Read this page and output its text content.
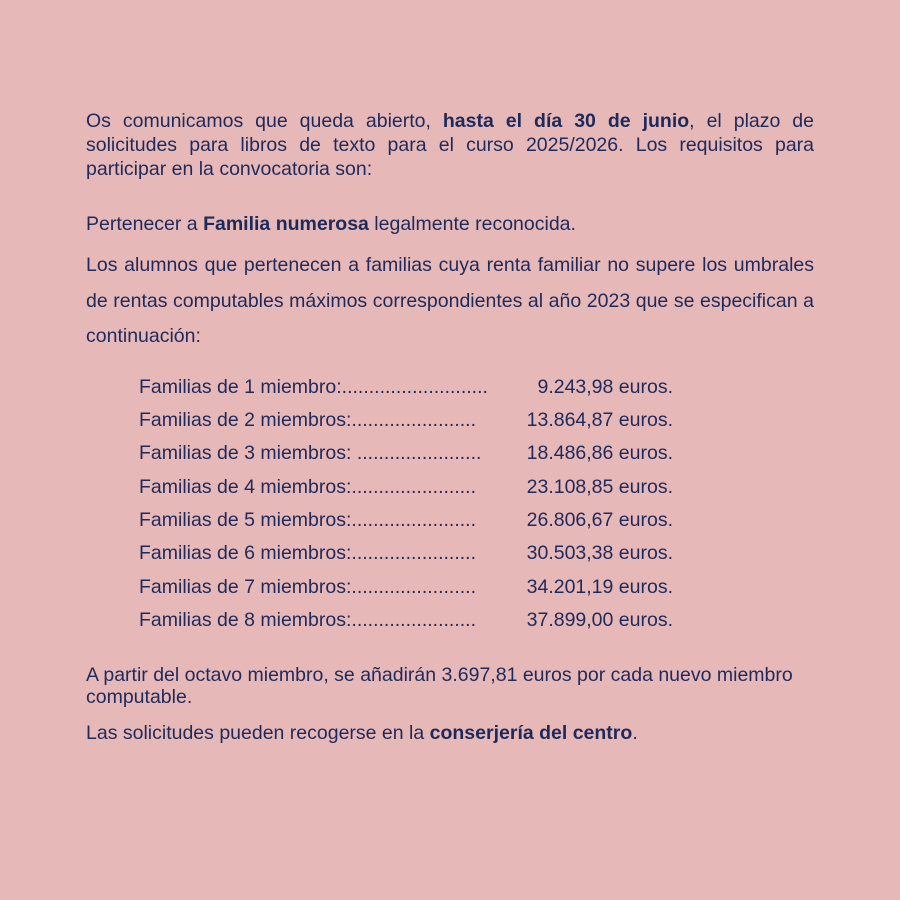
Os comunicamos que queda abierto, hasta el día 30 de junio, el plazo de solicitudes para libros de texto para el curso 2025/2026. Los requisitos para participar en la convocatoria son:

Pertenecer a Familia numerosa legalmente reconocida.

Los alumnos que pertenecen a familias cuya renta familiar no supere los umbrales de rentas computables máximos correspondientes al año 2023 que se especifican a continuación:

Familias de 1 miembro:...........................	9.243,98 euros.
Familias de 2 miembros:.......................	13.864,87 euros.
Familias de 3 miembros: .......................	18.486,86 euros.
Familias de 4 miembros:.......................	23.108,85 euros.
Familias de 5 miembros:.......................	26.806,67 euros.
Familias de 6 miembros:.......................	30.503,38 euros.
Familias de 7 miembros:.......................	34.201,19 euros.
Familias de 8 miembros:.......................	37.899,00 euros.

A partir del octavo miembro, se añadirán 3.697,81 euros por cada nuevo miembro computable.

Las solicitudes pueden recogerse en la conserjería del centro.
